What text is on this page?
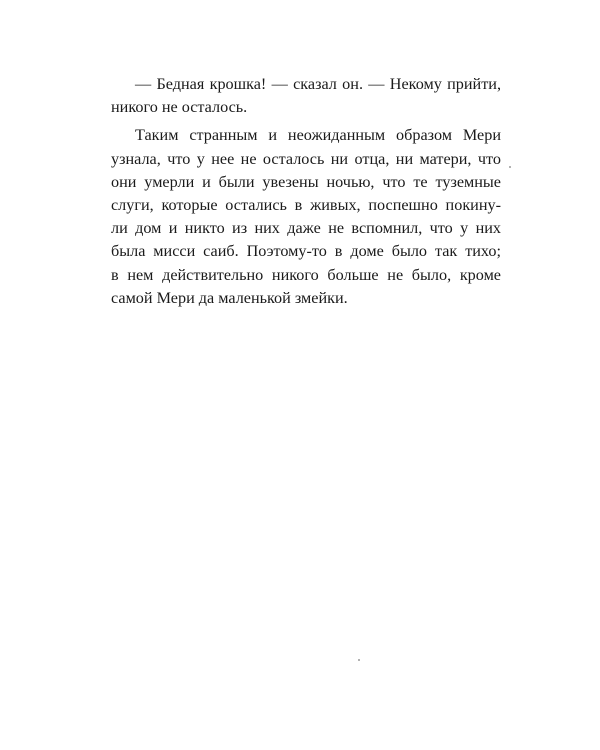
— Бедная крошка! — сказал он. — Некому прийти,
никого не осталось.
Таким странным и неожиданным образом Мери
узнала, что у нее не осталось ни отца, ни матери, что
они умерли и были увезены ночью, что те туземные
слуги, которые остались в живых, поспешно покину-
ли дом и никто из них даже не вспомнил, что у них
была мисси саиб. Поэтому-то в доме было так тихо;
в нем действительно никого больше не было, кроме
самой Мери да маленькой змейки.
